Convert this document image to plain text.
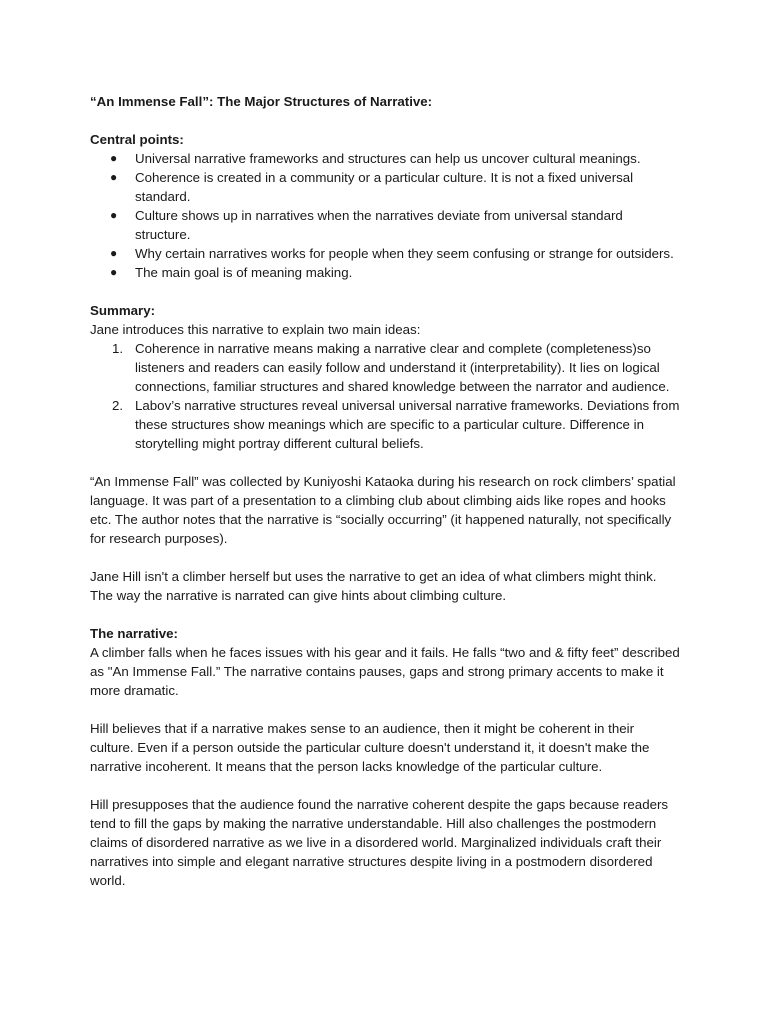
“An Immense Fall”: The Major Structures of Narrative:

Central points:

● Universal narrative frameworks and structures can help us uncover cultural meanings.
● Coherence is created in a community or a particular culture. It is not a fixed universal standard.
● Culture shows up in narratives when the narratives deviate from universal standard structure.
● Why certain narratives works for people when they seem confusing or strange for outsiders.
● The main goal is of meaning making.

Summary:

Jane introduces this narrative to explain two main ideas:

1. Coherence in narrative means making a narrative clear and complete (completeness)so listeners and readers can easily follow and understand it (interpretability). It lies on logical connections, familiar structures and shared knowledge between the narrator and audience.
2. Labov’s narrative structures reveal universal universal narrative frameworks. Deviations from these structures show meanings which are specific to a particular culture. Difference in storytelling might portray different cultural beliefs.

“An Immense Fall” was collected by Kuniyoshi Kataoka during his research on rock climbers’ spatial language. It was part of a presentation to a climbing club about climbing aids like ropes and hooks etc. The author notes that the narrative is “socially occurring” (it happened naturally, not specifically for research purposes).

Jane Hill isn't a climber herself but uses the narrative to get an idea of what climbers might think. The way the narrative is narrated can give hints about climbing culture.

The narrative:

A climber falls when he faces issues with his gear and it fails. He falls “two and & fifty feet” described as "An Immense Fall.” The narrative contains pauses, gaps and strong primary accents to make it more dramatic.

Hill believes that if a narrative makes sense to an audience, then it might be coherent in their culture. Even if a person outside the particular culture doesn't understand it, it doesn't make the narrative incoherent. It means that the person lacks knowledge of the particular culture.

Hill presupposes that the audience found the narrative coherent despite the gaps because readers tend to fill the gaps by making the narrative understandable. Hill also challenges the postmodern claims of disordered narrative as we live in a disordered world. Marginalized individuals craft their narratives into simple and elegant narrative structures despite living in a postmodern disordered world.
